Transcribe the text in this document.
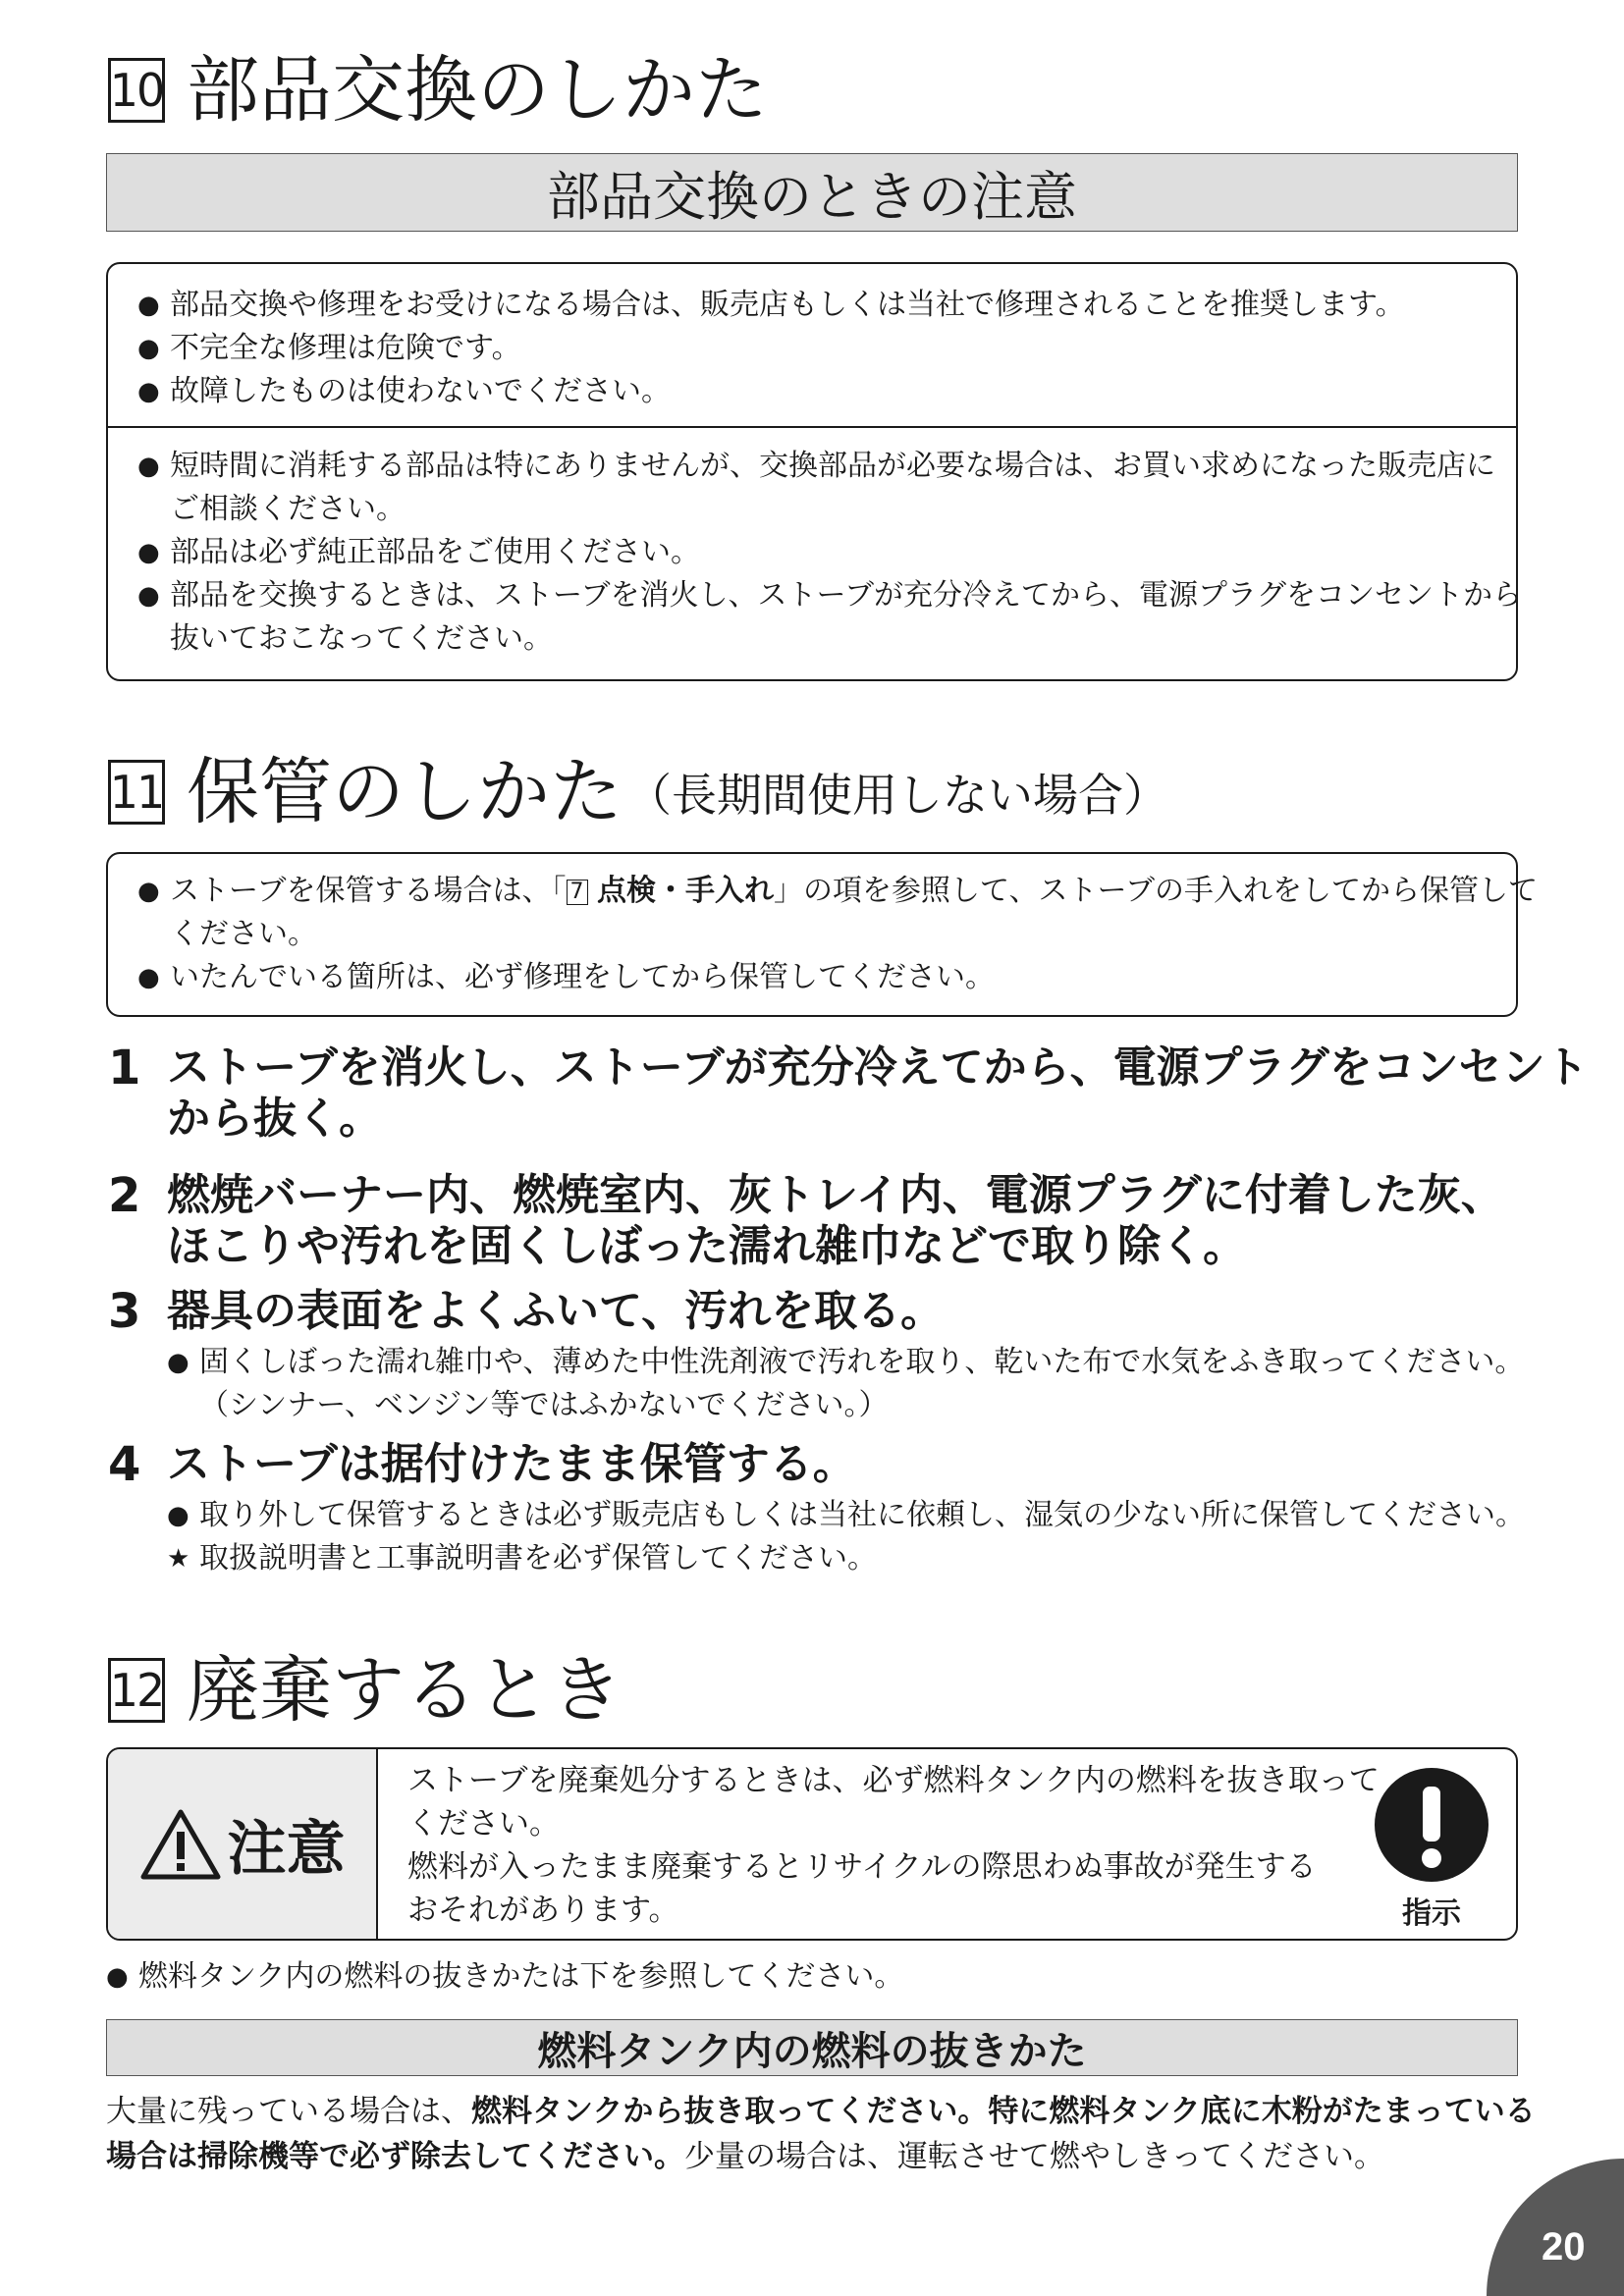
10 部品交換のしかた
部品交換のときの注意
● 部品交換や修理をお受けになる場合は、販売店もしくは当社で修理されることを推奨します。
● 不完全な修理は危険です。
● 故障したものは使わないでください。
● 短時間に消耗する部品は特にありませんが、交換部品が必要な場合は、お買い求めになった販売店に
ご相談ください。
● 部品は必ず純正部品をご使用ください。
● 部品を交換するときは、ストーブを消火し、ストーブが充分冷えてから、電源プラグをコンセントから
抜いておこなってください。
11 保管のしかた （長期間使用しない場合）
● ストーブを保管する場合は、「 7 点検・手入れ」の項を参照して、ストーブの手入れをしてから保管して
ください。
● いたんでいる箇所は、必ず修理をしてから保管してください。
1 ストーブを消火し、ストーブが充分冷えてから、電源プラグをコンセント
から抜く。
2 燃焼バーナー内、燃焼室内、灰トレイ内、電源プラグに付着した灰、
ほこりや汚れを固くしぼった濡れ雑巾などで取り除く。
3 器具の表面をよくふいて、汚れを取る。
● 固くしぼった濡れ雑巾や、薄めた中性洗剤液で汚れを取り、乾いた布で水気をふき取ってください。
（シンナー、ベンジン等ではふかないでください。）
4 ストーブは据付けたまま保管する。
● 取り外して保管するときは必ず販売店もしくは当社に依頼し、湿気の少ない所に保管してください。
★ 取扱説明書と工事説明書を必ず保管してください。
12 廃棄するとき
注意

ストーブを廃棄処分するときは、必ず燃料タンク内の燃料を抜き取って

ください。

燃料が入ったまま廃棄するとリサイクルの際思わぬ事故が発生する

おそれがあります。	指示
● 燃料タンク内の燃料の抜きかたは下を参照してください。
燃料タンク内の燃料の抜きかた
大量に残っている場合は、燃料タンクから抜き取ってください。特に燃料タンク底に木粉がたまっている
場合は掃除機等で必ず除去してください。少量の場合は、運転させて燃やしきってください。
20
